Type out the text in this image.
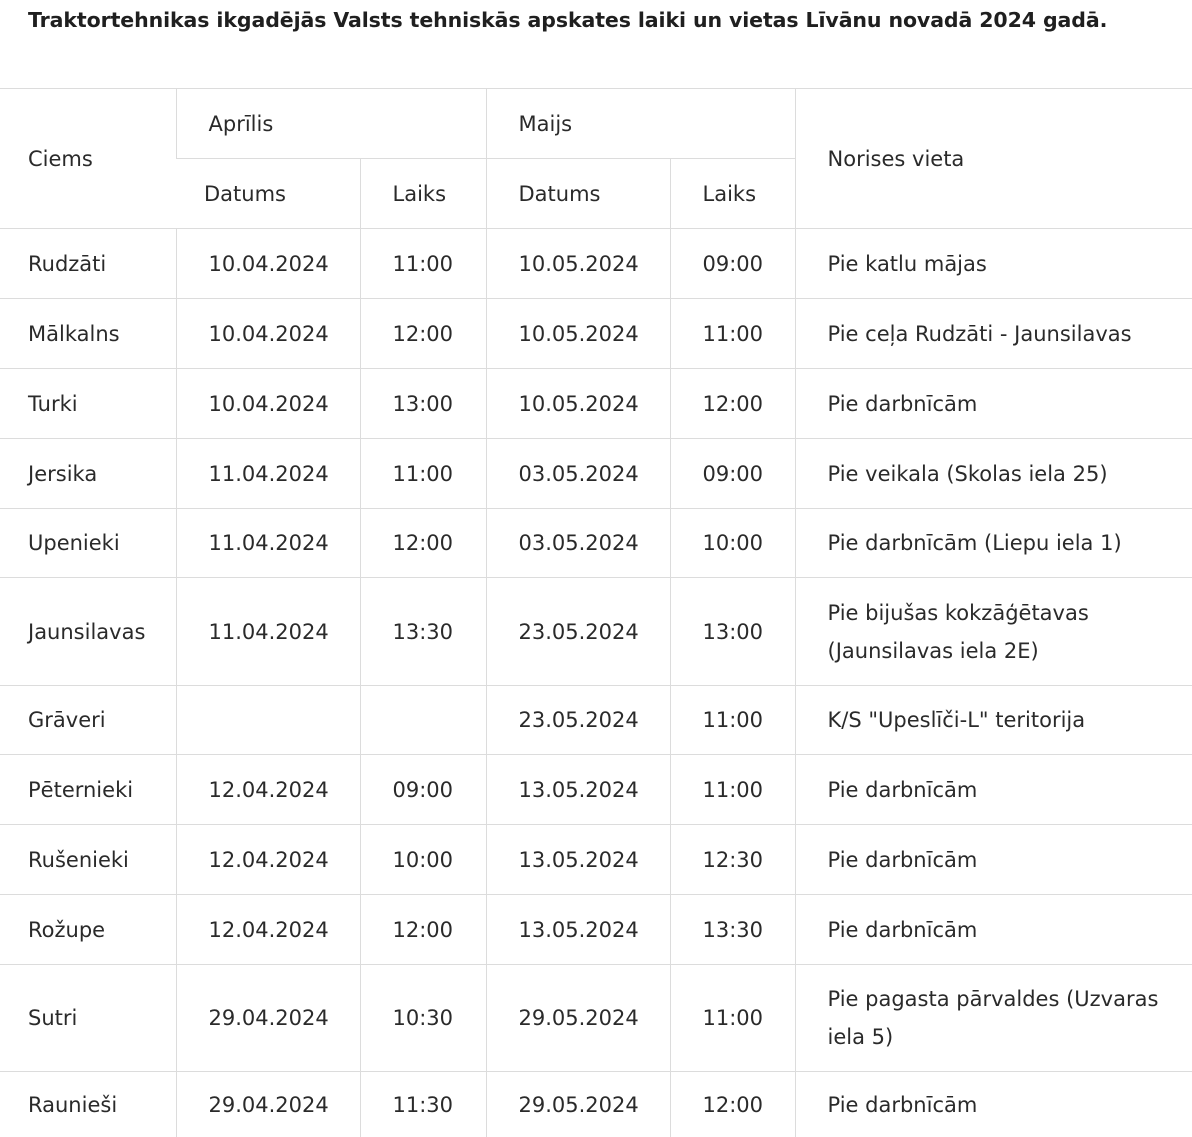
Traktortehnikas ikgadējās Valsts tehniskās apskates laiki un vietas Līvānu novadā 2024 gadā.
Ciems	Aprīlis		Maijs		Norises vieta
	Datums	Laiks	Datums	Laiks	
Rudzāti	10.04.2024	11:00	10.05.2024	09:00	Pie katlu mājas
Mālkalns	10.04.2024	12:00	10.05.2024	11:00	Pie ceļa Rudzāti - Jaunsilavas
Turki	10.04.2024	13:00	10.05.2024	12:00	Pie darbnīcām
Jersika	11.04.2024	11:00	03.05.2024	09:00	Pie veikala (Skolas iela 25)
Upenieki	11.04.2024	12:00	03.05.2024	10:00	Pie darbnīcām (Liepu iela 1)
Jaunsilavas	11.04.2024	13:30	23.05.2024	13:00	Pie bijušas kokzāģētavas (Jaunsilavas iela 2E)
Grāveri			23.05.2024	11:00	K/S "Upeslīči-L" teritorija
Pēternieki	12.04.2024	09:00	13.05.2024	11:00	Pie darbnīcām
Rušenieki	12.04.2024	10:00	13.05.2024	12:30	Pie darbnīcām
Rožupe	12.04.2024	12:00	13.05.2024	13:30	Pie darbnīcām
Sutri	29.04.2024	10:30	29.05.2024	11:00	Pie pagasta pārvaldes (Uzvaras iela 5)
Raunieši	29.04.2024	11:30	29.05.2024	12:00	Pie darbnīcām
